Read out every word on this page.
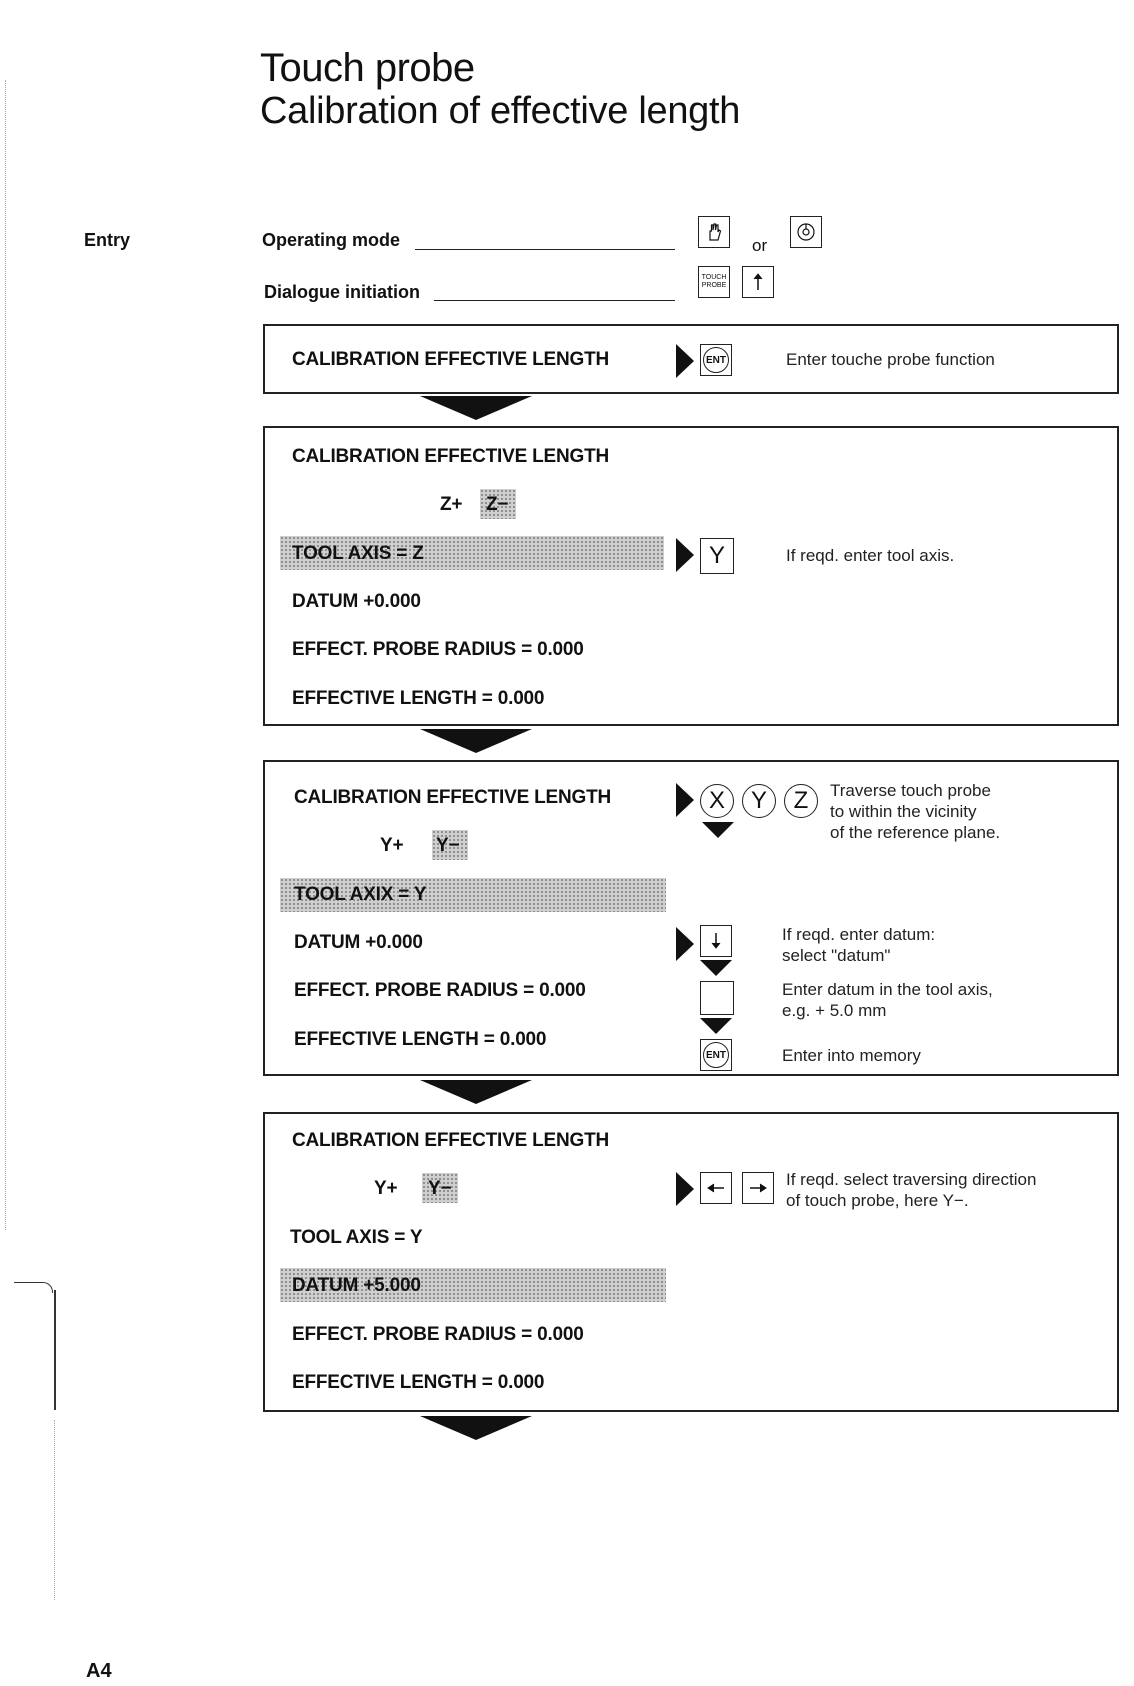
Touch probe
Calibration of effective length
Entry	Operating mode	or
Dialogue initiation
TOUCH PROBE
CALIBRATION EFFECTIVE LENGTH	ENT	Enter touche probe function
CALIBRATION EFFECTIVE LENGTH
Z+ Z−
TOOL AXIS = Z	Y	If reqd. enter tool axis.
DATUM +0.000
EFFECT. PROBE RADIUS = 0.000
EFFECTIVE LENGTH = 0.000
CALIBRATION EFFECTIVE LENGTH
Y+ Y−
TOOL AXIX = Y
X	Y	Z	Traverse touch probe
to within the vicinity
of the reference plane.
DATUM +0.000	If reqd. enter datum:
select "datum"
EFFECT. PROBE RADIUS = 0.000	Enter datum in the tool axis,
e.g. + 5.0 mm
EFFECTIVE LENGTH = 0.000
ENT	Enter into memory
CALIBRATION EFFECTIVE LENGTH
Y+ Y−	If reqd. select traversing direction
of touch probe, here Y−.
TOOL AXIS = Y
DATUM +5.000
EFFECT. PROBE RADIUS = 0.000
EFFECTIVE LENGTH = 0.000
A4
